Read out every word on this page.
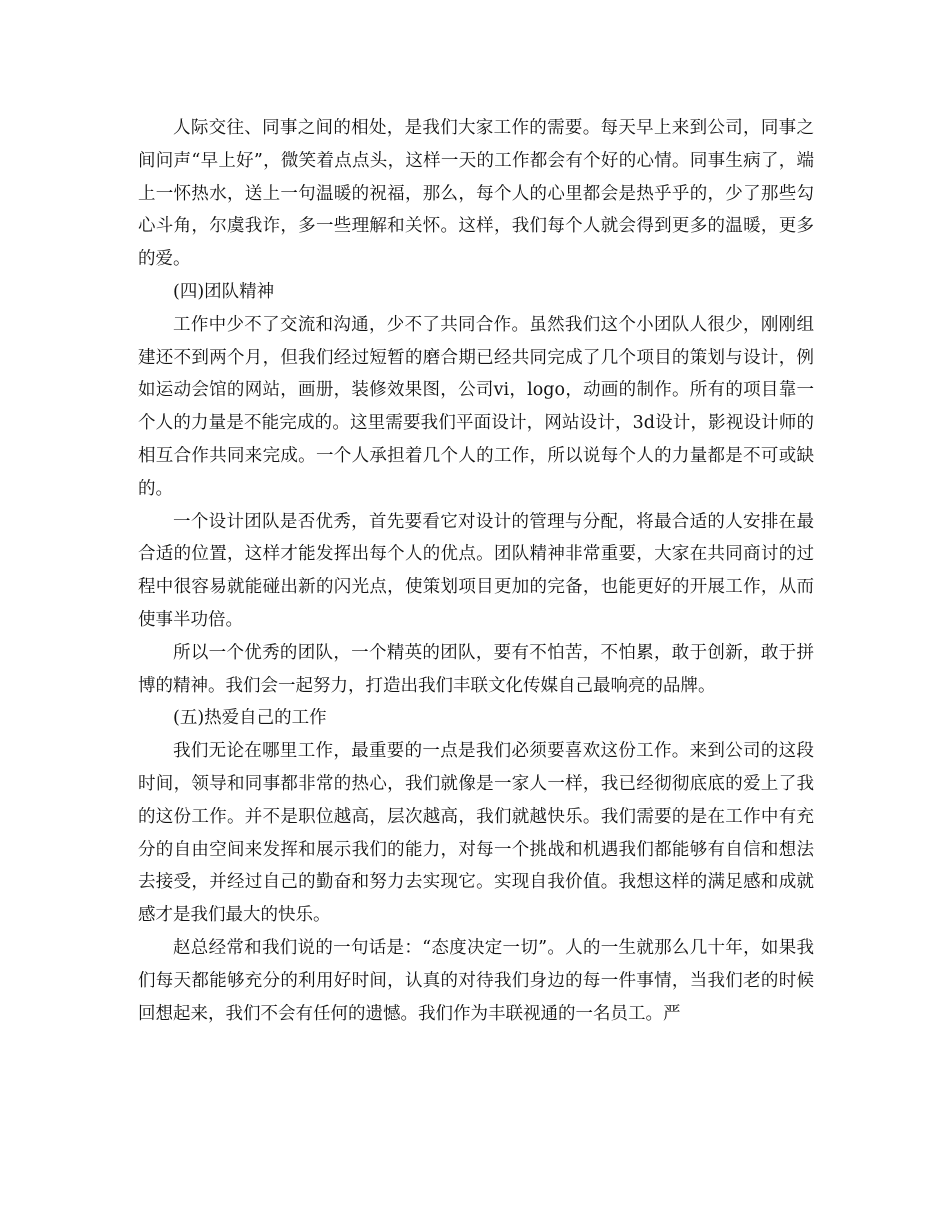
人际交往、同事之间的相处，是我们大家工作的需要。每天早上来到公司，同事之间问声“早上好”，微笑着点点头，这样一天的工作都会有个好的心情。同事生病了，端上一怀热水，送上一句温暖的祝福，那么，每个人的心里都会是热乎乎的，少了那些勾心斗角，尔虞我诈，多一些理解和关怀。这样，我们每个人就会得到更多的温暖，更多的爱。

(四)团队精神

工作中少不了交流和沟通，少不了共同合作。虽然我们这个小团队人很少，刚刚组建还不到两个月，但我们经过短暂的磨合期已经共同完成了几个项目的策划与设计，例如运动会馆的网站，画册，装修效果图，公司vi，logo，动画的制作。所有的项目靠一个人的力量是不能完成的。这里需要我们平面设计，网站设计，3d设计，影视设计师的相互合作共同来完成。一个人承担着几个人的工作，所以说每个人的力量都是不可或缺的。

一个设计团队是否优秀，首先要看它对设计的管理与分配，将最合适的人安排在最合适的位置，这样才能发挥出每个人的优点。团队精神非常重要，大家在共同商讨的过程中很容易就能碰出新的闪光点，使策划项目更加的完备，也能更好的开展工作，从而使事半功倍。

所以一个优秀的团队，一个精英的团队，要有不怕苦，不怕累，敢于创新，敢于拼博的精神。我们会一起努力，打造出我们丰联文化传媒自己最响亮的品牌。

(五)热爱自己的工作

我们无论在哪里工作，最重要的一点是我们必须要喜欢这份工作。来到公司的这段时间，领导和同事都非常的热心，我们就像是一家人一样，我已经彻彻底底的爱上了我的这份工作。并不是职位越高，层次越高，我们就越快乐。我们需要的是在工作中有充分的自由空间来发挥和展示我们的能力，对每一个挑战和机遇我们都能够有自信和想法去接受，并经过自己的勤奋和努力去实现它。实现自我价值。我想这样的满足感和成就感才是我们最大的快乐。

赵总经常和我们说的一句话是：“态度决定一切”。人的一生就那么几十年，如果我们每天都能够充分的利用好时间，认真的对待我们身边的每一件事情，当我们老的时候回想起来，我们不会有任何的遗憾。我们作为丰联视通的一名员工。严
